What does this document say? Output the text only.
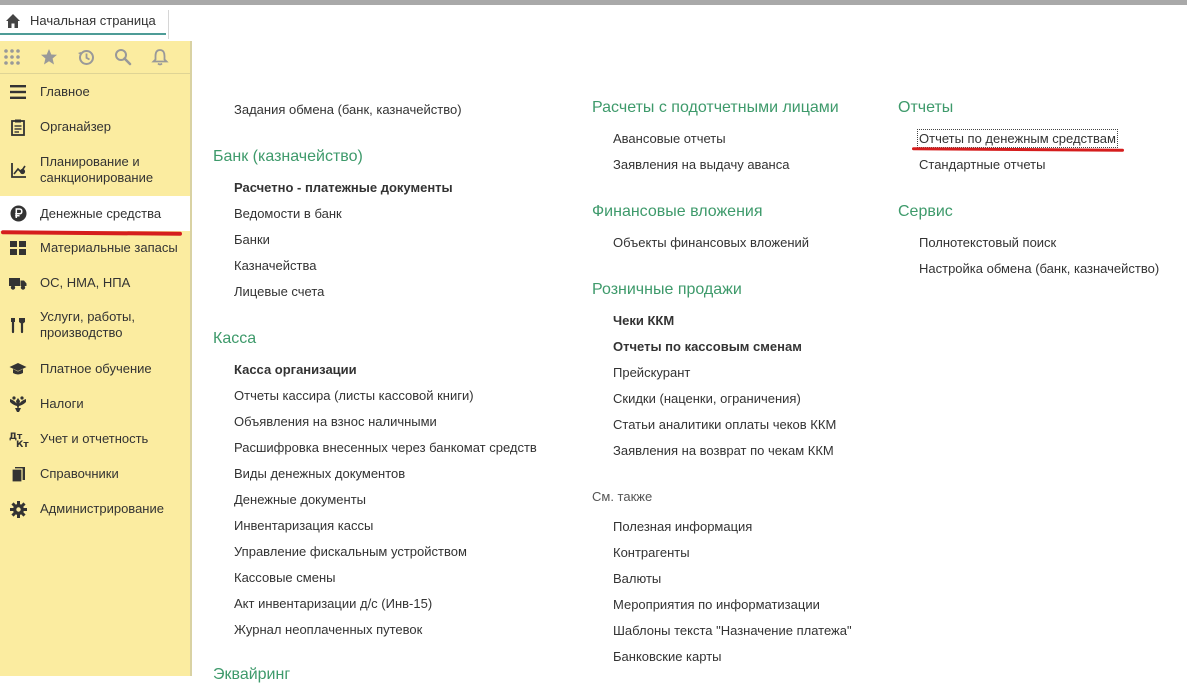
Начальная страница
Главное
Органайзер
Планирование и
санкционирование
Денежные средства
Материальные запасы
ОС, НМА, НПА
Услуги, работы,
производство
Платное обучение
Налоги
Дт
Кт Учет и отчетность
Справочники
Администрирование
Задания обмена (банк, казначейство)
Банк (казначейство)
Расчетно - платежные документы
Ведомости в банк
Банки
Казначейства
Лицевые счета
Касса
Касса организации
Отчеты кассира (листы кассовой книги)
Объявления на взнос наличными
Расшифровка внесенных через банкомат средств
Виды денежных документов
Денежные документы
Инвентаризация кассы
Управление фискальным устройством
Кассовые смены
Акт инвентаризации д/с (Инв-15)
Журнал неоплаченных путевок
Эквайринг
Расчеты с подотчетными лицами
Авансовые отчеты
Заявления на выдачу аванса
Финансовые вложения
Объекты финансовых вложений
Розничные продажи
Чеки ККМ
Отчеты по кассовым сменам
Прейскурант
Скидки (наценки, ограничения)
Статьи аналитики оплаты чеков ККМ
Заявления на возврат по чекам ККМ
См. также
Полезная информация
Контрагенты
Валюты
Мероприятия по информатизации
Шаблоны текста "Назначение платежа"
Банковские карты
Отчеты
Отчеты по денежным средствам
Стандартные отчеты
Сервис
Полнотекстовый поиск
Настройка обмена (банк, казначейство)
